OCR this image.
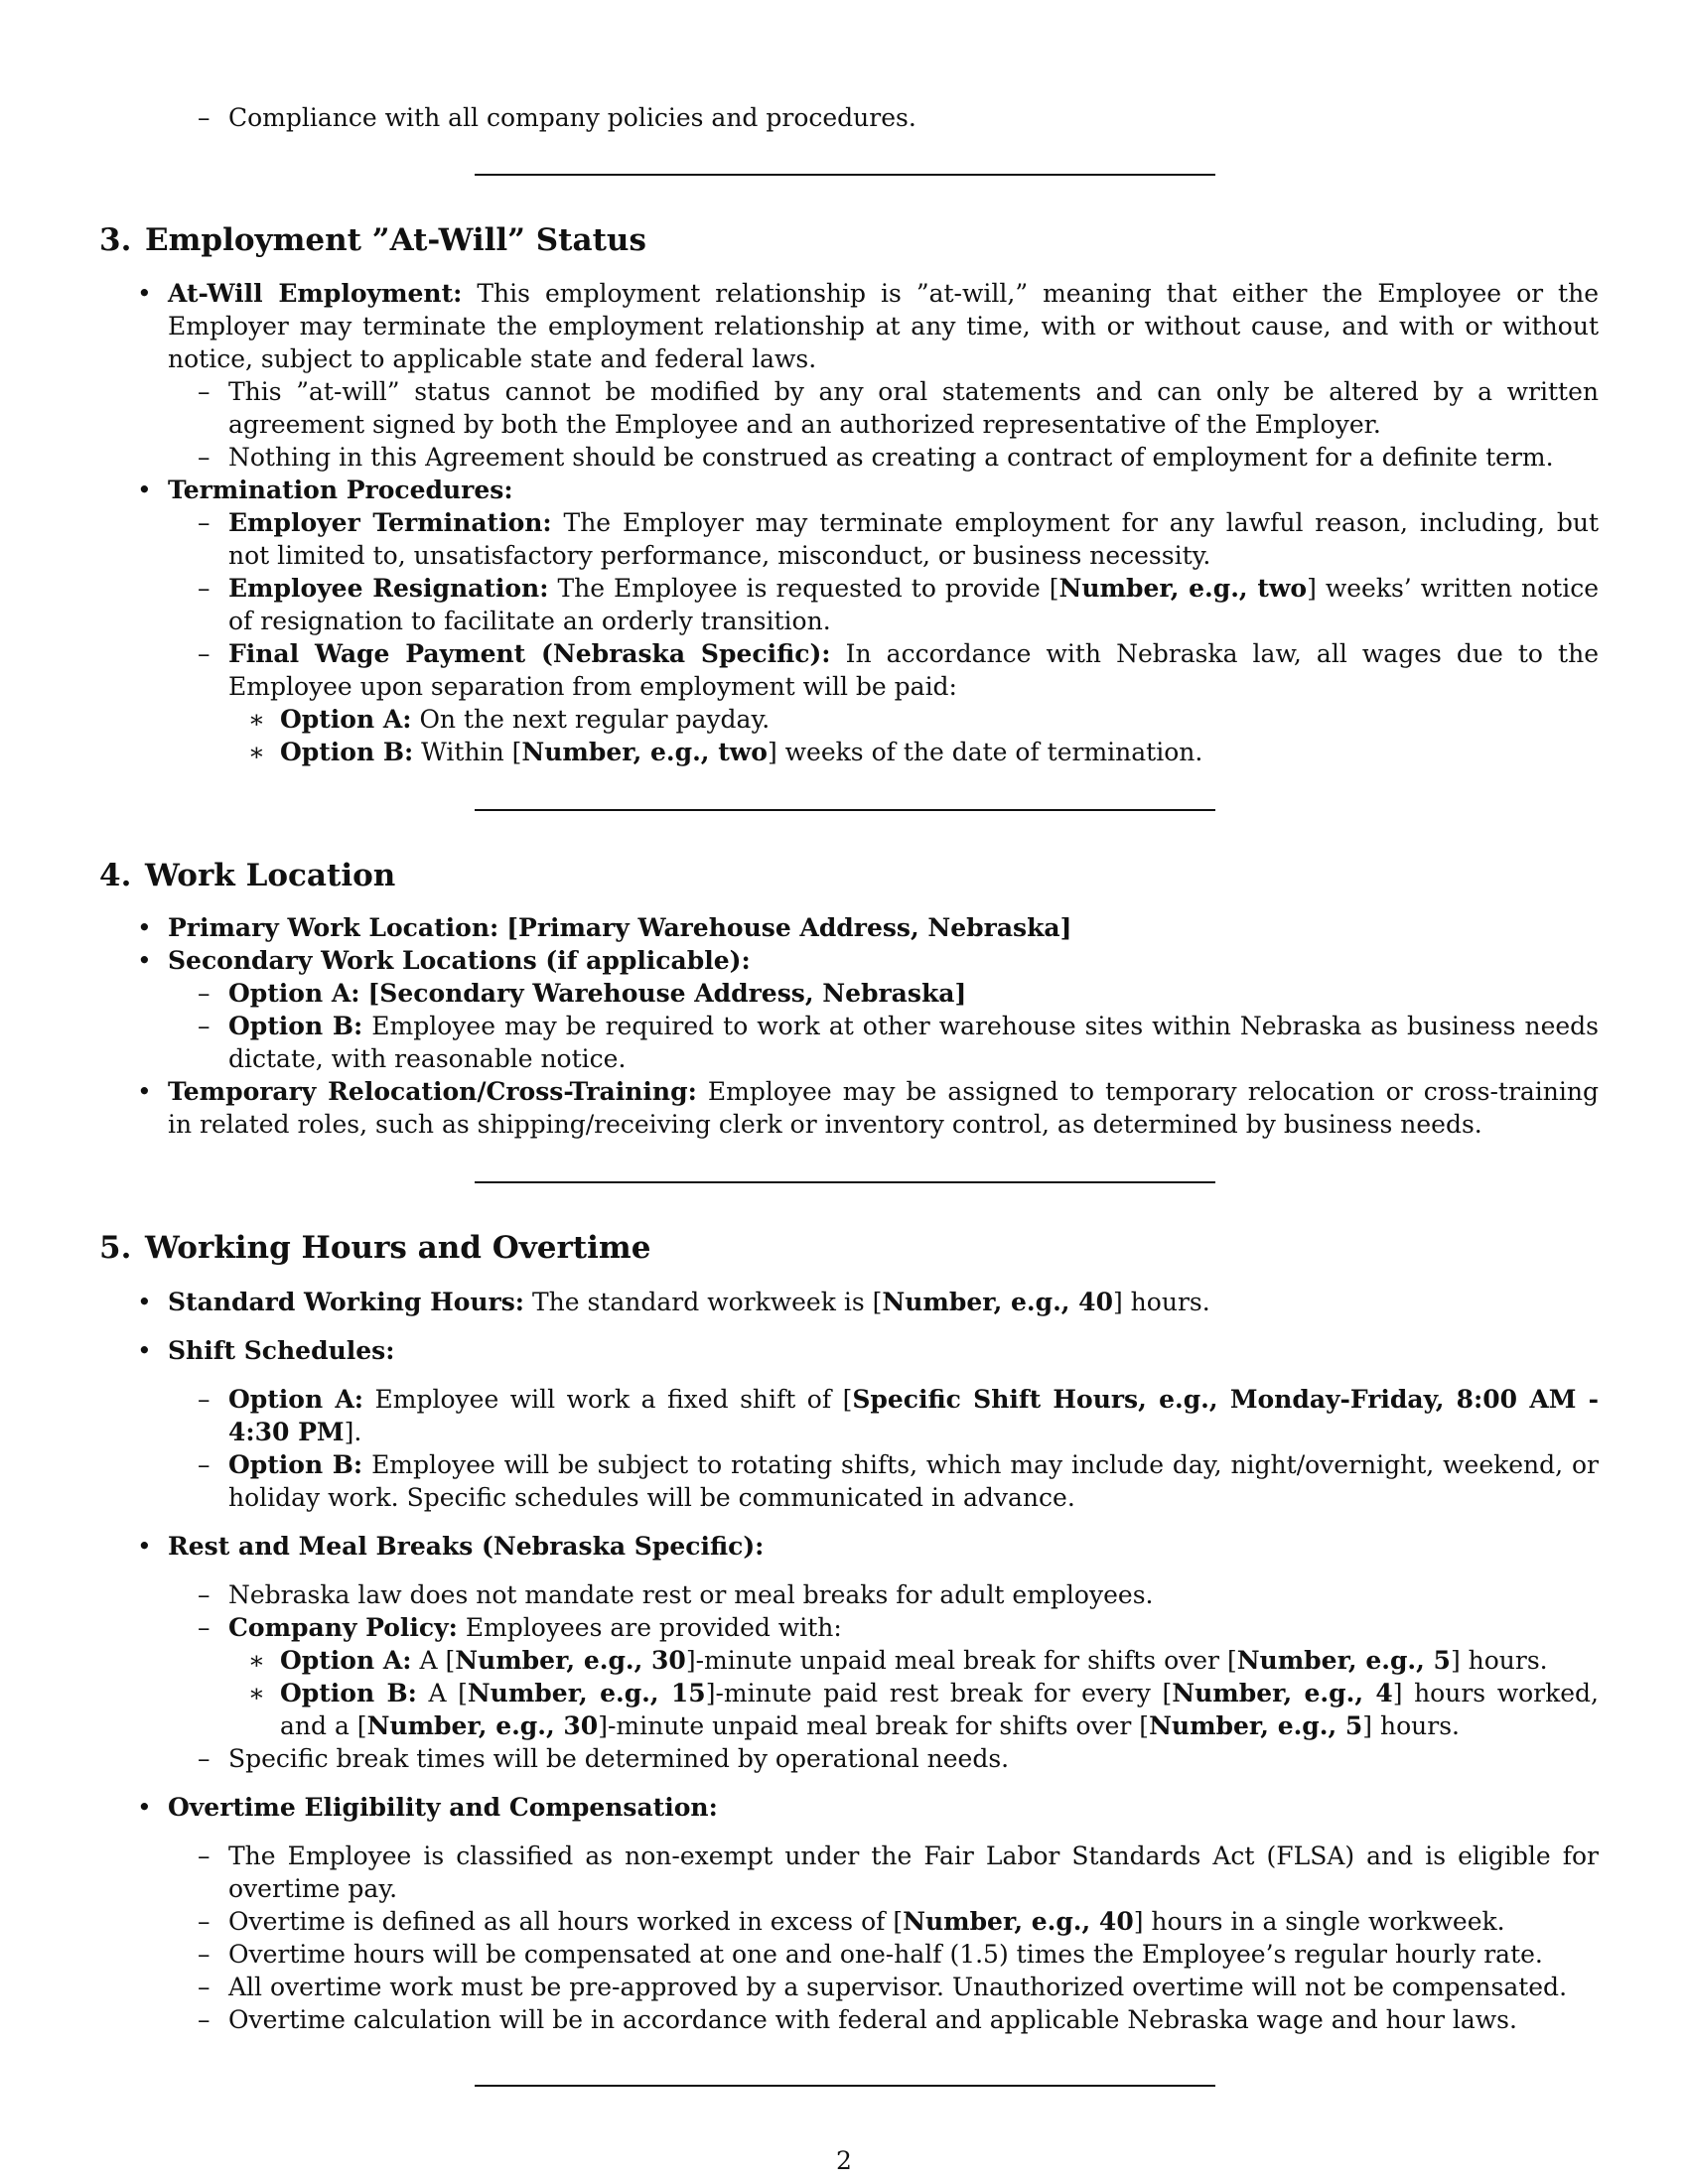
– Compliance with all company policies and procedures.
3. Employment ”At-Will” Status
• At-Will Employment: This employment relationship is ”at-will,” meaning that either the Employee or the Employer may terminate the employment relationship at any time, with or without cause, and with or without notice, subject to applicable state and federal laws.
– This ”at-will” status cannot be modified by any oral statements and can only be altered by a written agreement signed by both the Employee and an authorized representative of the Employer.
– Nothing in this Agreement should be construed as creating a contract of employment for a definite term.
• Termination Procedures:
– Employer Termination: The Employer may terminate employment for any lawful reason, including, but not limited to, unsatisfactory performance, misconduct, or business necessity.
– Employee Resignation: The Employee is requested to provide [Number, e.g., two] weeks’ written notice of resignation to facilitate an orderly transition.
– Final Wage Payment (Nebraska Specific): In accordance with Nebraska law, all wages due to the Employee upon separation from employment will be paid:
∗ Option A: On the next regular payday.
∗ Option B: Within [Number, e.g., two] weeks of the date of termination.
4. Work Location
• Primary Work Location: [Primary Warehouse Address, Nebraska]
• Secondary Work Locations (if applicable):
– Option A: [Secondary Warehouse Address, Nebraska]
– Option B: Employee may be required to work at other warehouse sites within Nebraska as business needs dictate, with reasonable notice.
• Temporary Relocation/Cross-Training: Employee may be assigned to temporary relocation or cross-training in related roles, such as shipping/receiving clerk or inventory control, as determined by business needs.
5. Working Hours and Overtime
• Standard Working Hours: The standard workweek is [Number, e.g., 40] hours.
• Shift Schedules:
– Option A: Employee will work a fixed shift of [Specific Shift Hours, e.g., Monday-Friday, 8:00 AM - 4:30 PM].
– Option B: Employee will be subject to rotating shifts, which may include day, night/overnight, weekend, or holiday work. Specific schedules will be communicated in advance.
• Rest and Meal Breaks (Nebraska Specific):
– Nebraska law does not mandate rest or meal breaks for adult employees.
– Company Policy: Employees are provided with:
∗ Option A: A [Number, e.g., 30]-minute unpaid meal break for shifts over [Number, e.g., 5] hours.
∗ Option B: A [Number, e.g., 15]-minute paid rest break for every [Number, e.g., 4] hours worked, and a [Number, e.g., 30]-minute unpaid meal break for shifts over [Number, e.g., 5] hours.
– Specific break times will be determined by operational needs.
• Overtime Eligibility and Compensation:
– The Employee is classified as non-exempt under the Fair Labor Standards Act (FLSA) and is eligible for overtime pay.
– Overtime is defined as all hours worked in excess of [Number, e.g., 40] hours in a single workweek.
– Overtime hours will be compensated at one and one-half (1.5) times the Employee’s regular hourly rate.
– All overtime work must be pre-approved by a supervisor. Unauthorized overtime will not be compensated.
– Overtime calculation will be in accordance with federal and applicable Nebraska wage and hour laws.
2
